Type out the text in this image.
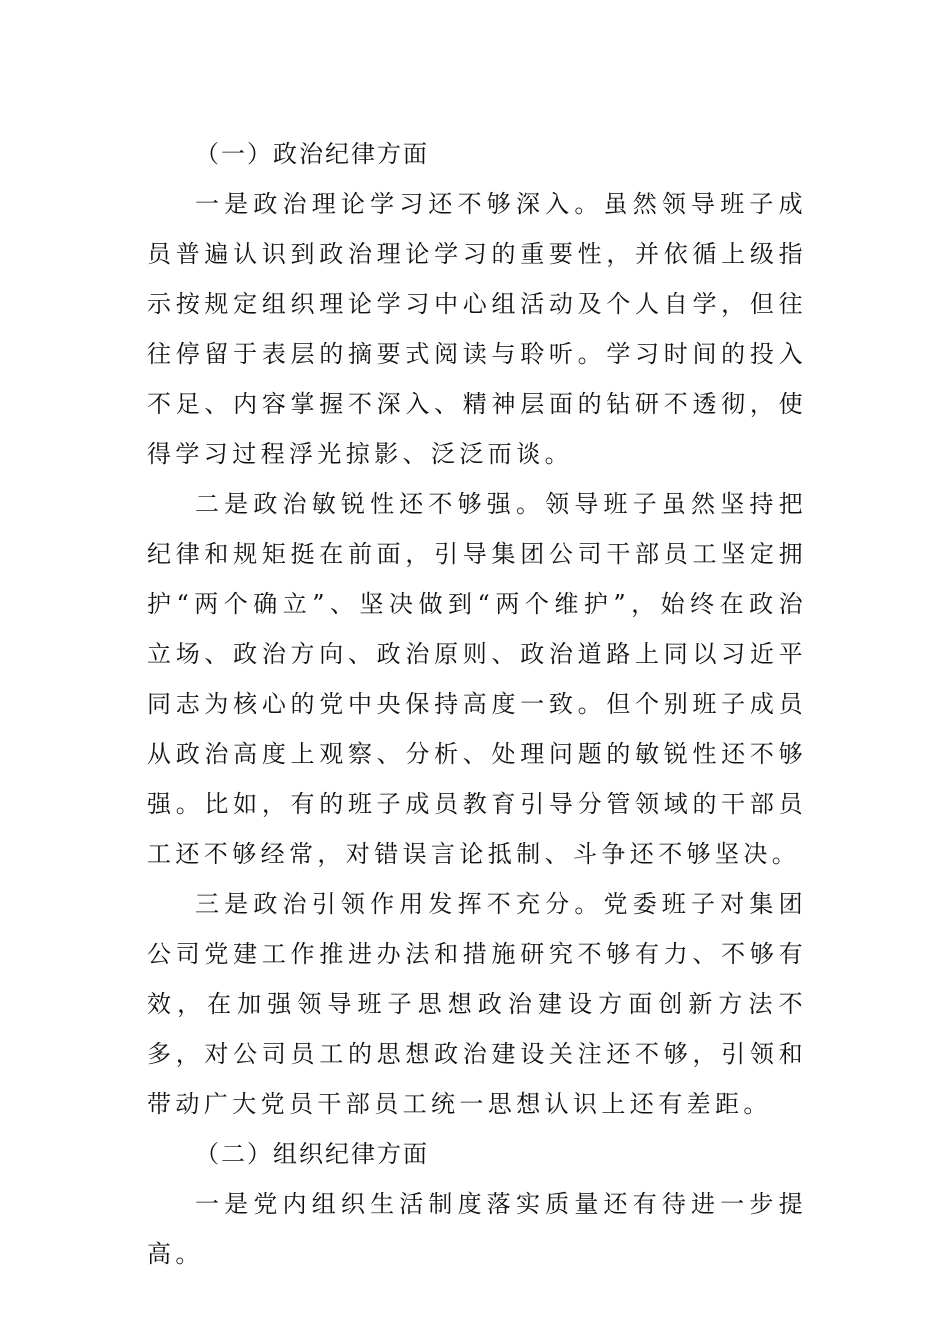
（一）政治纪律方面

一是政治理论学习还不够深入。虽然领导班子成员普遍认识到政治理论学习的重要性，并依循上级指示按规定组织理论学习中心组活动及个人自学，但往往停留于表层的摘要式阅读与聆听。学习时间的投入不足、内容掌握不深入、精神层面的钻研不透彻，使得学习过程浮光掠影、泛泛而谈。

二是政治敏锐性还不够强。领导班子虽然坚持把纪律和规矩挺在前面，引导集团公司干部员工坚定拥护“两个确立”、坚决做到“两个维护”，始终在政治立场、政治方向、政治原则、政治道路上同以习近平同志为核心的党中央保持高度一致。但个别班子成员从政治高度上观察、分析、处理问题的敏锐性还不够强。比如，有的班子成员教育引导分管领域的干部员工还不够经常，对错误言论抵制、斗争还不够坚决。

三是政治引领作用发挥不充分。党委班子对集团公司党建工作推进办法和措施研究不够有力、不够有效，在加强领导班子思想政治建设方面创新方法不多，对公司员工的思想政治建设关注还不够，引领和带动广大党员干部员工统一思想认识上还有差距。

（二）组织纪律方面

一是党内组织生活制度落实质量还有待进一步提高。
